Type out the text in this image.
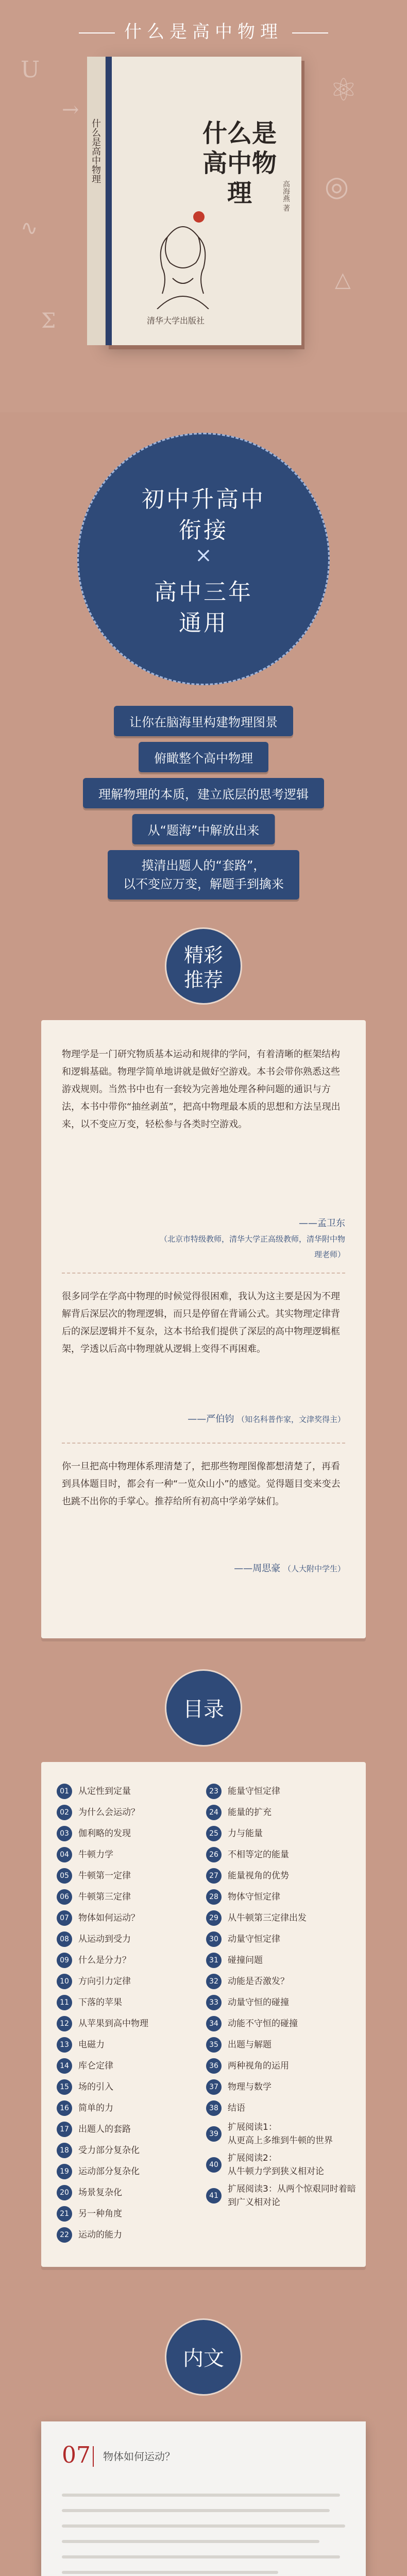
什么是高中物理
U
→
⚛
◎
∿
△
Σ
什么是高中物理	什么是
高中物理	高海燕 著
清华大学出版社
初中升高中
衔接
×
高中三年
通用
让你在脑海里构建物理图景
俯瞰整个高中物理
理解物理的本质，建立底层的思考逻辑
从“题海”中解放出来
摸清出题人的“套路”，
以不变应万变，解题手到擒来
精彩
推荐
物理学是一门研究物质基本运动和规律的学问，有着清晰的框架结构和逻辑基础。物理学简单地讲就是做好空游戏。本书会带你熟悉这些游戏规则。当然书中也有一套较为完善地处理各种问题的通识与方法，本书中带你“抽丝剥茧”，把高中物理最本质的思想和方法呈现出来，以不变应万变，轻松参与各类时空游戏。
——孟卫东
（北京市特级教师，清华大学正高级教师，清华附中物理老师）
很多同学在学高中物理的时候觉得很困难，我认为这主要是因为不理解背后深层次的物理逻辑，而只是停留在背诵公式。其实物理定律背后的深层逻辑并不复杂，这本书给我们提供了深层的高中物理逻辑框架，学透以后高中物理就从逻辑上变得不再困难。
——严伯钧 （知名科普作家，文津奖得主）
你一旦把高中物理体系理清楚了，把那些物理图像都想清楚了，再看到具体题目时，都会有一种“一览众山小”的感觉。觉得题目变来变去也跳不出你的手掌心。推荐给所有初高中学弟学妹们。
——周思豪 （人大附中学生）
目录
01 从定性到定量
02 为什么会运动？
03 伽利略的发现
04 牛顿力学
05 牛顿第一定律
06 牛顿第三定律
07 物体如何运动？
08 从运动到受力
09 什么是分力？
10 方向引力定律
11 下落的苹果
12 从苹果到高中物理
13 电磁力
14 库仑定律
15 场的引入
16 简单的力
17 出题人的套路
18 受力部分复杂化
19 运动部分复杂化
20 场景复杂化
21 另一种角度
22 运动的能力
23 能量守恒定律
24 能量的扩充
25 力与能量
26 不相等定的能量
27 能量视角的优势
28 物体守恒定律
29 从牛顿第三定律出发
30 动量守恒定律
31 碰撞问题
32 动能是否激发？
33 动量守恒的碰撞
34 动能不守恒的碰撞
35 出题与解题
36 两种视角的运用
37 物理与数学
38 结语
39
扩展阅读1：
从更高上多维到牛顿的世界
40
扩展阅读2：
从牛顿力学到狭义相对论
41
扩展阅读3：从两个惊艰同时着暗
到广义相对论
内文
07 物体如何运动？
